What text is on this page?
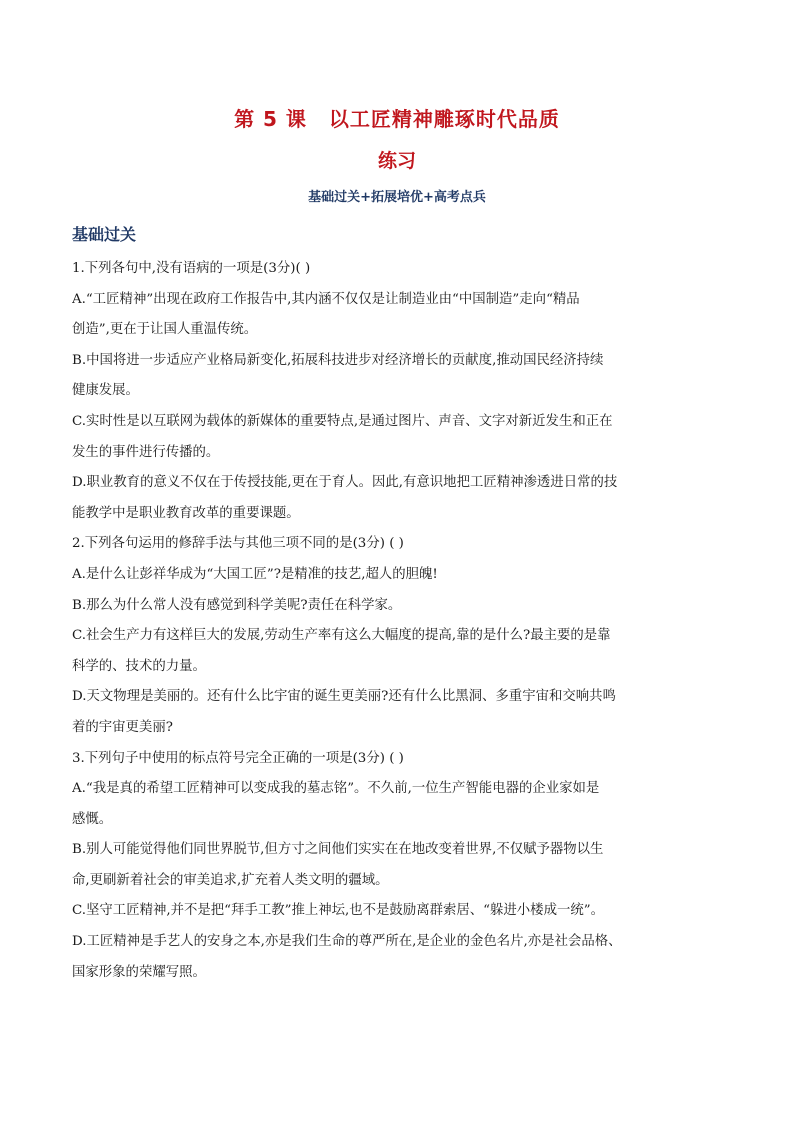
第 5 课 以工匠精神雕琢时代品质
练习
基础过关+拓展培优+高考点兵
基础过关
1.下列各句中,没有语病的一项是(3分)( )
A.“工匠精神”出现在政府工作报告中,其内涵不仅仅是让制造业由“中国制造”走向“精品
创造”,更在于让国人重温传统。
B.中国将进一步适应产业格局新变化,拓展科技进步对经济增长的贡献度,推动国民经济持续
健康发展。
C.实时性是以互联网为载体的新媒体的重要特点,是通过图片、声音、文字对新近发生和正在
发生的事件进行传播的。
D.职业教育的意义不仅在于传授技能,更在于育人。因此,有意识地把工匠精神渗透进日常的技
能教学中是职业教育改革的重要课题。
2.下列各句运用的修辞手法与其他三项不同的是(3分) ( )
A.是什么让彭祥华成为“大国工匠”?是精准的技艺,超人的胆魄!
B.那么为什么常人没有感觉到科学美呢?责任在科学家。
C.社会生产力有这样巨大的发展,劳动生产率有这么大幅度的提高,靠的是什么?最主要的是靠
科学的、技术的力量。
D.天文物理是美丽的。还有什么比宇宙的诞生更美丽?还有什么比黑洞、多重宇宙和交响共鸣
着的宇宙更美丽?
3.下列句子中使用的标点符号完全正确的一项是(3分) ( )
A.“我是真的希望工匠精神可以变成我的墓志铭”。不久前,一位生产智能电器的企业家如是
感慨。
B.别人可能觉得他们同世界脱节,但方寸之间他们实实在在地改变着世界,不仅赋予器物以生
命,更刷新着社会的审美追求,扩充着人类文明的疆域。
C.坚守工匠精神,并不是把“拜手工教”推上神坛,也不是鼓励离群索居、“躲进小楼成一统”。
D.工匠精神是手艺人的安身之本,亦是我们生命的尊严所在,是企业的金色名片,亦是社会品格、
国家形象的荣耀写照。
